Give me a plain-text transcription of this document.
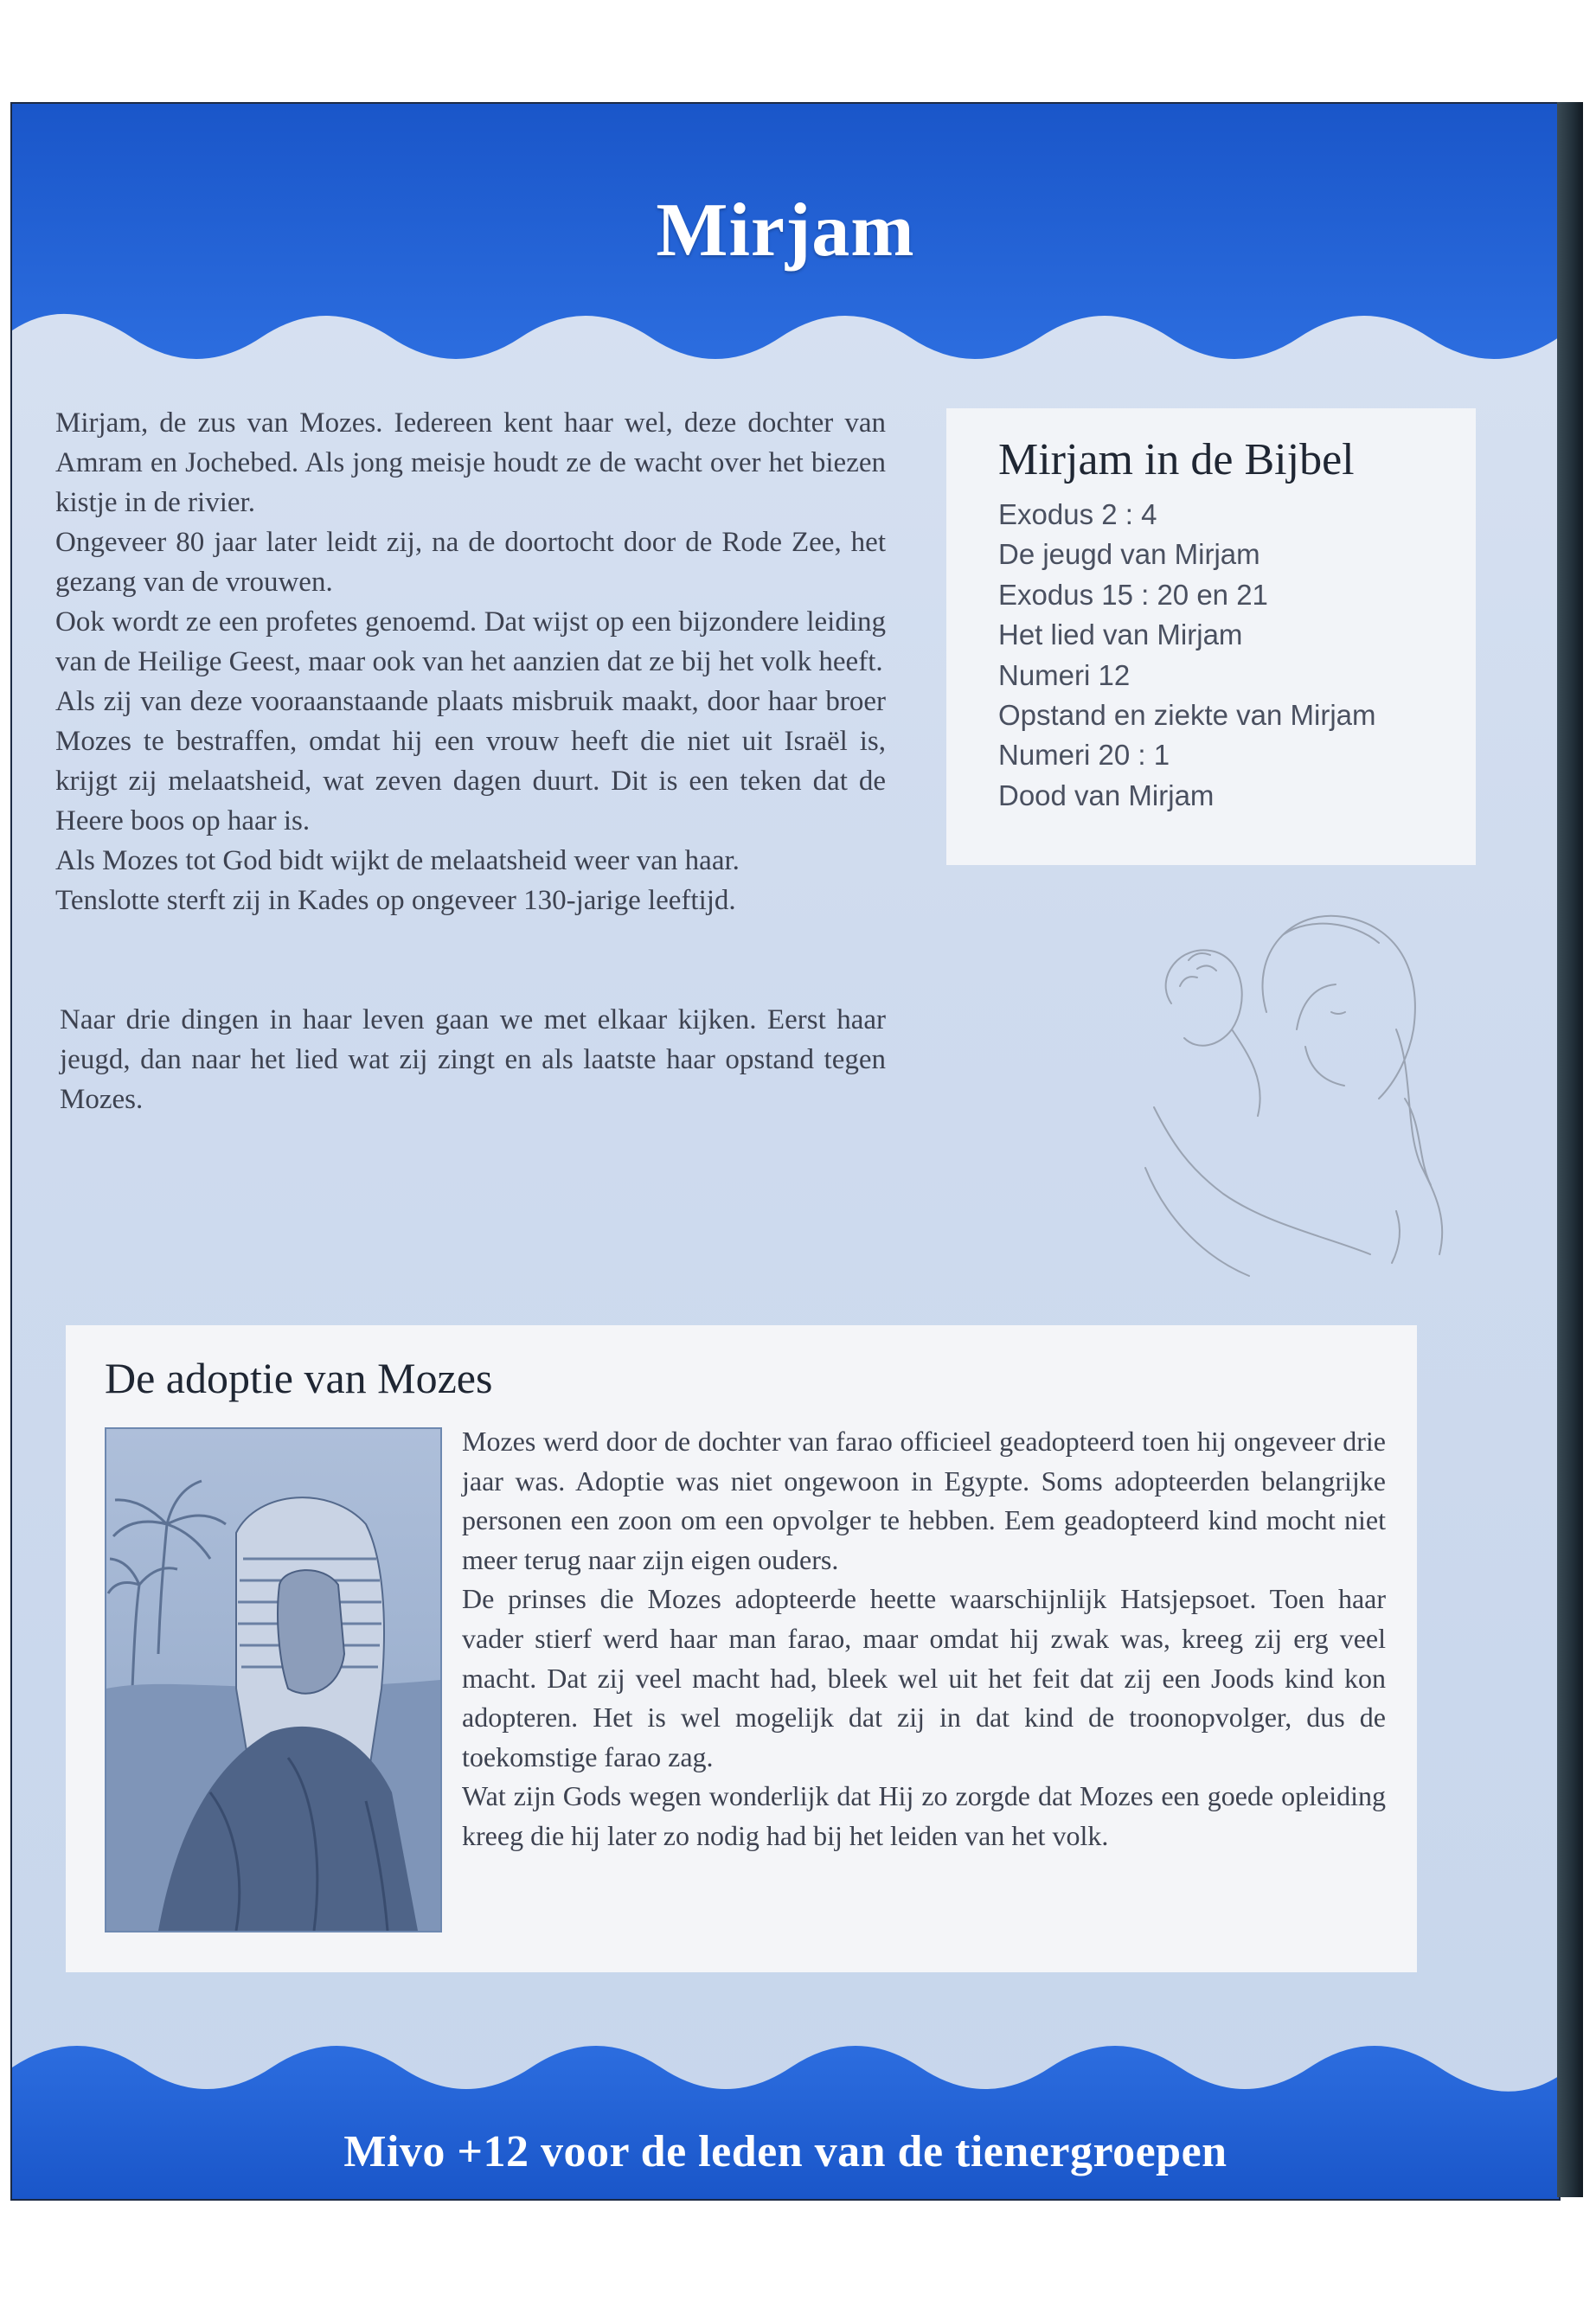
Mirjam

Mirjam, de zus van Mozes. Iedereen kent haar wel, deze dochter van Amram en Jochebed. Als jong meisje houdt ze de wacht over het biezen kistje in de rivier.

Ongeveer 80 jaar later leidt zij, na de doortocht door de Rode Zee, het gezang van de vrouwen.

Ook wordt ze een profetes genoemd. Dat wijst op een bijzondere leiding van de Heilige Geest, maar ook van het aanzien dat ze bij het volk heeft.

Als zij van deze vooraanstaande plaats misbruik maakt, door haar broer Mozes te bestraffen, omdat hij een vrouw heeft die niet uit Israël is, krijgt zij melaatsheid, wat zeven dagen duurt. Dit is een teken dat de Heere boos op haar is.

Als Mozes tot God bidt wijkt de melaatsheid weer van haar.

Tenslotte sterft zij in Kades op ongeveer 130-jarige leeftijd.

Naar drie dingen in haar leven gaan we met elkaar kijken. Eerst haar jeugd, dan naar het lied wat zij zingt en als laatste haar opstand tegen Mozes.
Mirjam in de Bijbel
Exodus 2 : 4
De jeugd van Mirjam
Exodus 15 : 20 en 21
Het lied van Mirjam
Numeri 12
Opstand en ziekte van Mirjam
Numeri 20 : 1
Dood van Mirjam
De adoptie van Mozes

Mozes werd door de dochter van farao officieel geadopteerd toen hij ongeveer drie jaar was. Adoptie was niet ongewoon in Egypte. Soms adopteerden belangrijke personen een zoon om een opvolger te hebben. Eem geadopteerd kind mocht niet meer terug naar zijn eigen ouders.

De prinses die Mozes adopteerde heette waarschijnlijk Hatsjepsoet. Toen haar vader stierf werd haar man farao, maar omdat hij zwak was, kreeg zij erg veel macht. Dat zij veel macht had, bleek wel uit het feit dat zij een Joods kind kon adopteren. Het is wel mogelijk dat zij in dat kind de troonopvolger, dus de toekomstige farao zag.

Wat zijn Gods wegen wonderlijk dat Hij zo zorgde dat Mozes een goede opleiding kreeg die hij later zo nodig had bij het leiden van het volk.

Mivo +12 voor de leden van de tienergroepen
